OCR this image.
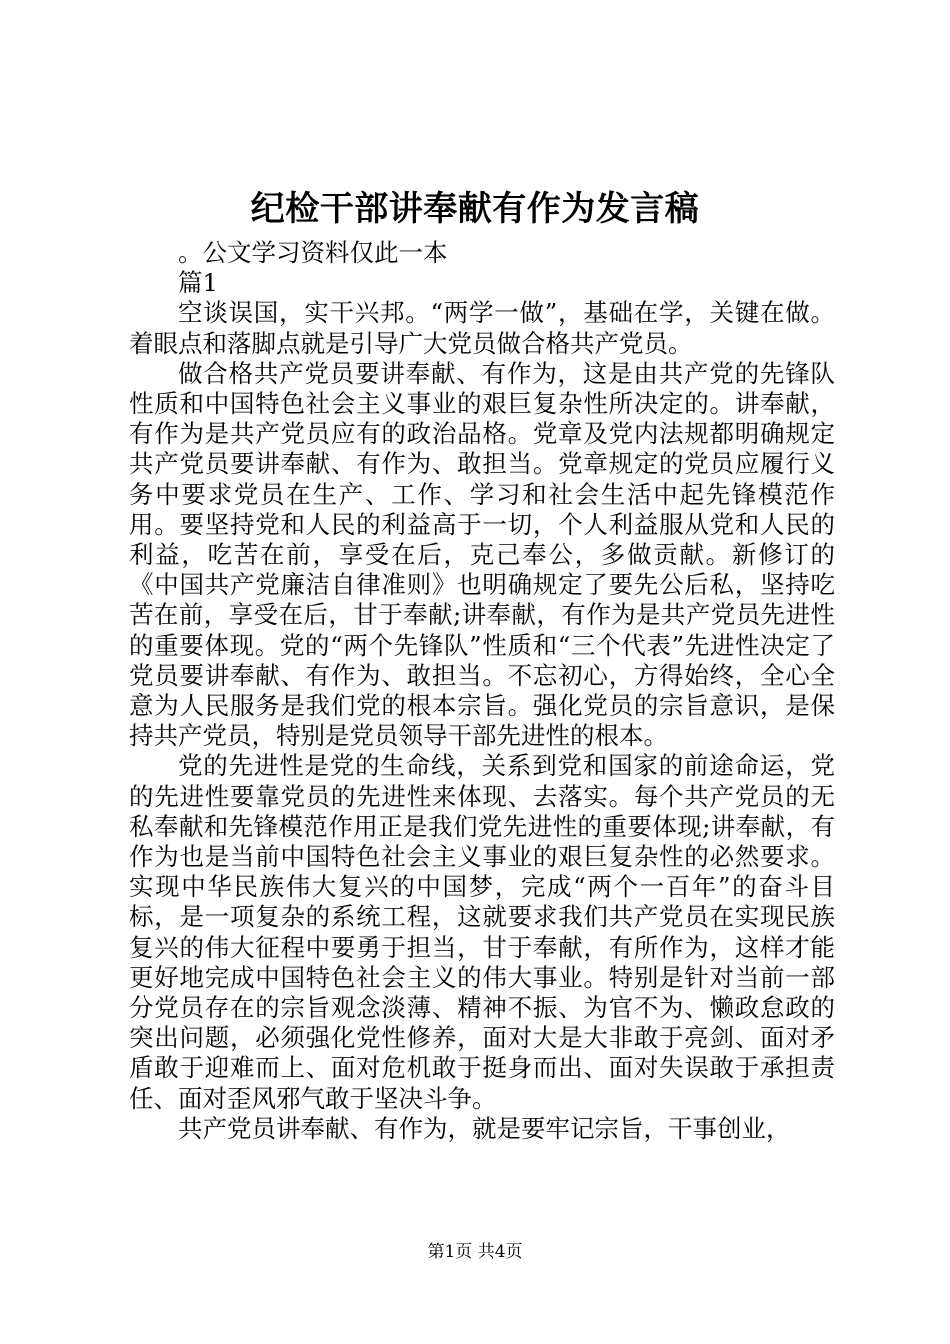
纪检干部讲奉献有作为发言稿

。公文学习资料仅此一本

篇1

空谈误国，实干兴邦。“两学一做”，基础在学，关键在做。着眼点和落脚点就是引导广大党员做合格共产党员。

做合格共产党员要讲奉献、有作为，这是由共产党的先锋队性质和中国特色社会主义事业的艰巨复杂性所决定的。讲奉献，有作为是共产党员应有的政治品格。党章及党内法规都明确规定共产党员要讲奉献、有作为、敢担当。党章规定的党员应履行义务中要求党员在生产、工作、学习和社会生活中起先锋模范作用。要坚持党和人民的利益高于一切，个人利益服从党和人民的利益，吃苦在前，享受在后，克己奉公，多做贡献。新修订的《中国共产党廉洁自律准则》也明确规定了要先公后私，坚持吃苦在前，享受在后，甘于奉献;讲奉献，有作为是共产党员先进性的重要体现。党的“两个先锋队”性质和“三个代表”先进性决定了党员要讲奉献、有作为、敢担当。不忘初心，方得始终，全心全意为人民服务是我们党的根本宗旨。强化党员的宗旨意识，是保持共产党员，特别是党员领导干部先进性的根本。

党的先进性是党的生命线，关系到党和国家的前途命运，党的先进性要靠党员的先进性来体现、去落实。每个共产党员的无私奉献和先锋模范作用正是我们党先进性的重要体现;讲奉献，有作为也是当前中国特色社会主义事业的艰巨复杂性的必然要求。实现中华民族伟大复兴的中国梦，完成“两个一百年”的奋斗目标，是一项复杂的系统工程，这就要求我们共产党员在实现民族复兴的伟大征程中要勇于担当，甘于奉献，有所作为，这样才能更好地完成中国特色社会主义的伟大事业。特别是针对当前一部分党员存在的宗旨观念淡薄、精神不振、为官不为、懒政怠政的突出问题，必须强化党性修养，面对大是大非敢于亮剑、面对矛盾敢于迎难而上、面对危机敢于挺身而出、面对失误敢于承担责任、面对歪风邪气敢于坚决斗争。

共产党员讲奉献、有作为，就是要牢记宗旨，干事创业，

第1页 共4页
